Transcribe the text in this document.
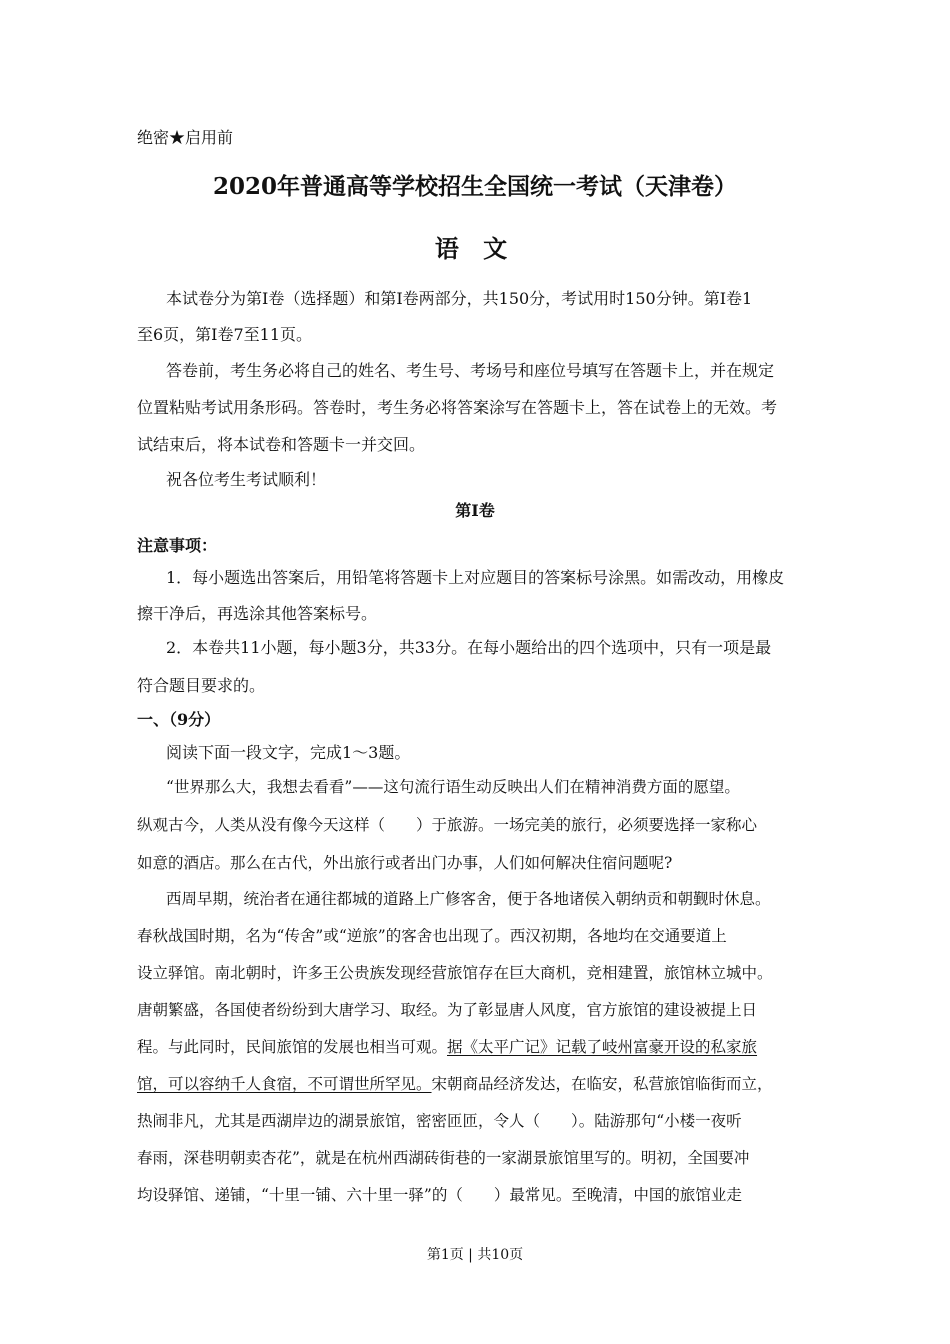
绝密★启用前
2020年普通高等学校招生全国统一考试（天津卷）
语 文
本试卷分为第Ⅰ卷（选择题）和第Ⅰ卷两部分，共150分，考试用时150分钟。第Ⅰ卷1
至6页，第Ⅰ卷7至11页。
答卷前，考生务必将自己的姓名、考生号、考场号和座位号填写在答题卡上，并在规定
位置粘贴考试用条形码。答卷时，考生务必将答案涂写在答题卡上，答在试卷上的无效。考
试结束后，将本试卷和答题卡一并交回。
祝各位考生考试顺利！
第Ⅰ卷
注意事项：
1．每小题选出答案后，用铅笔将答题卡上对应题目的答案标号涂黑。如需改动，用橡皮
擦干净后，再选涂其他答案标号。
2．本卷共11小题，每小题3分，共33分。在每小题给出的四个选项中，只有一项是最
符合题目要求的。
一、（9分）
阅读下面一段文字，完成1～3题。
“世界那么大，我想去看看”——这句流行语生动反映出人们在精神消费方面的愿望。
纵观古今，人类从没有像今天这样（　　）于旅游。一场完美的旅行，必须要选择一家称心
如意的酒店。那么在古代，外出旅行或者出门办事，人们如何解决住宿问题呢?
西周早期，统治者在通往都城的道路上广修客舍，便于各地诸侯入朝纳贡和朝觐时休息。
春秋战国时期，名为“传舍”或“逆旅”的客舍也出现了。西汉初期，各地均在交通要道上
设立驿馆。南北朝时，许多王公贵族发现经营旅馆存在巨大商机，竞相建置，旅馆林立城中。
唐朝繁盛，各国使者纷纷到大唐学习、取经。为了彰显唐人风度，官方旅馆的建设被提上日
程。与此同时，民间旅馆的发展也相当可观。据《太平广记》记载了岐州富豪开设的私家旅
馆，可以容纳千人食宿，不可谓世所罕见。宋朝商品经济发达，在临安，私营旅馆临街而立，
热闹非凡，尤其是西湖岸边的湖景旅馆，密密匝匝，令人（　　）。陆游那句“小楼一夜听
春雨，深巷明朝卖杏花”，就是在杭州西湖砖街巷的一家湖景旅馆里写的。明初，全国要冲
均设驿馆、递铺，“十里一铺、六十里一驿”的（　　）最常见。至晚清，中国的旅馆业走
第1页 | 共10页
